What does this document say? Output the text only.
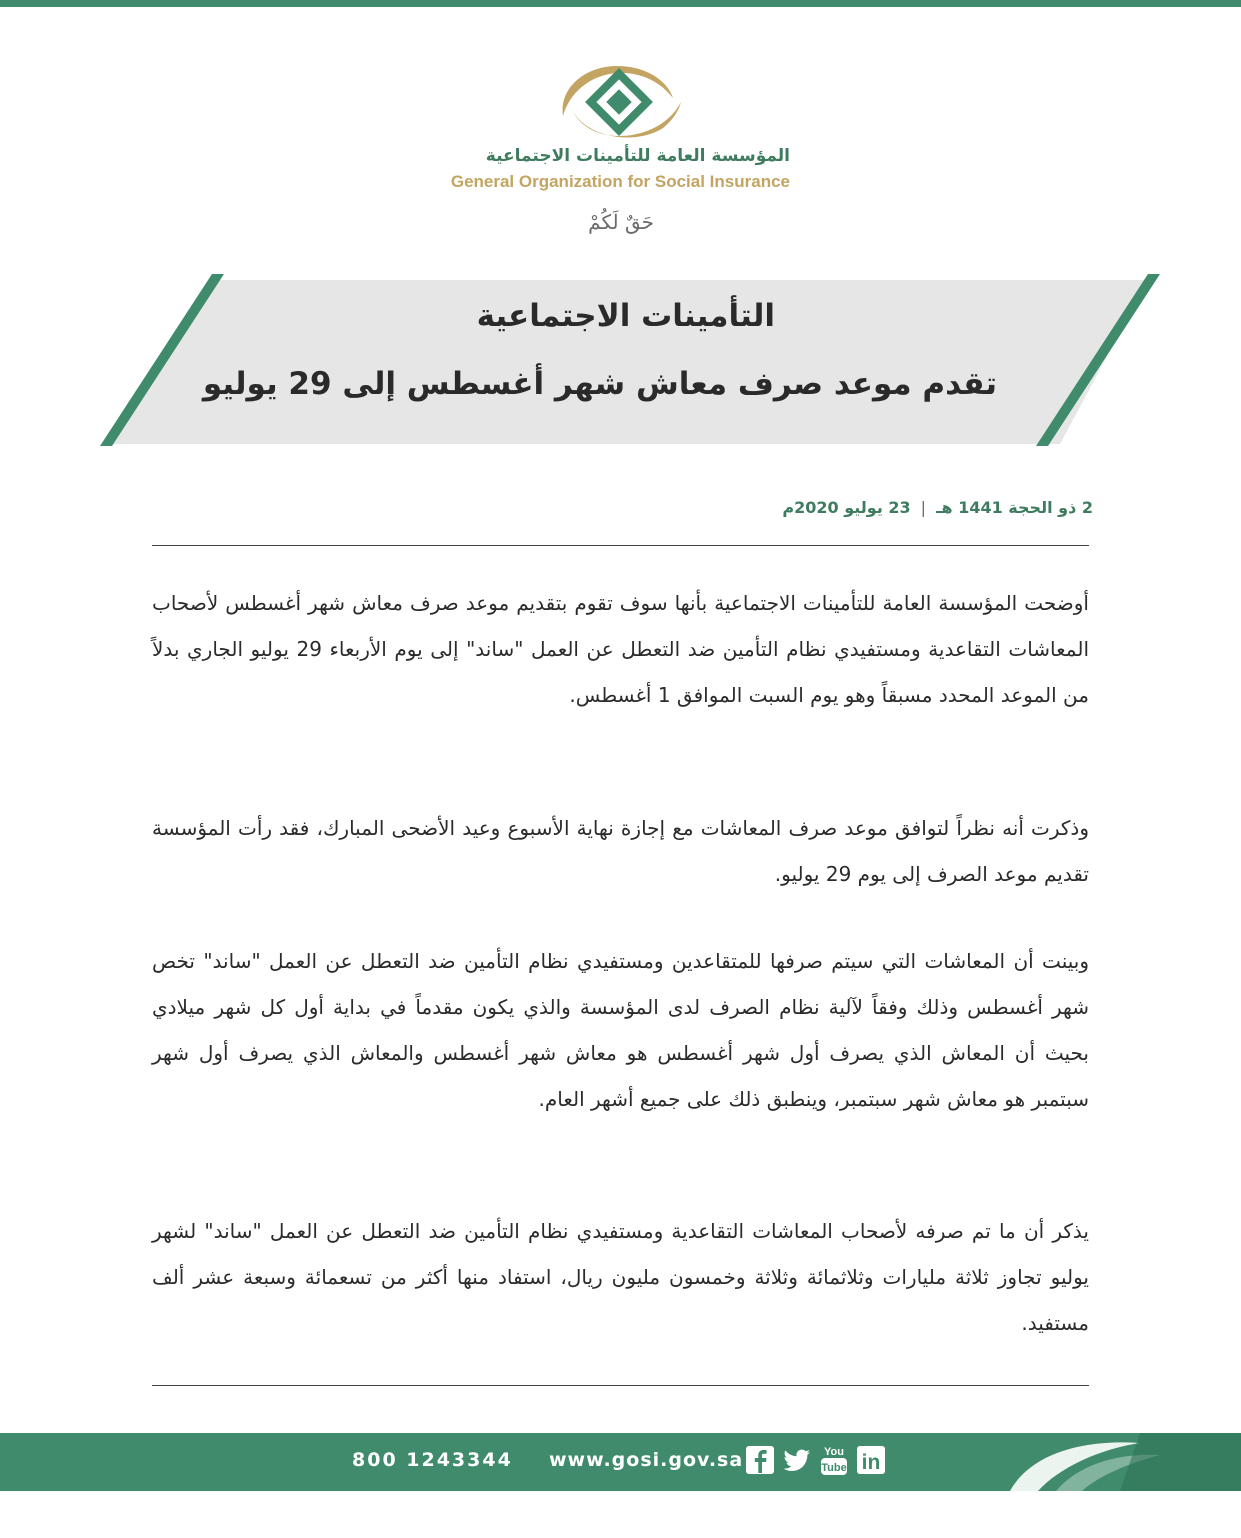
المؤسسة العامة للتأمينات الاجتماعية
General Organization for Social Insurance
حَقٌ لَكُمْ
التأمينات الاجتماعية
تقدم موعد صرف معاش شهر أغسطس إلى 29 يوليو
2 ذو الحجة 1441 هـ|23 يوليو 2020م

أوضحت المؤسسة العامة للتأمينات الاجتماعية بأنها سوف تقوم بتقديم موعد صرف معاش شهر أغسطس لأصحاب المعاشات التقاعدية ومستفيدي نظام التأمين ضد التعطل عن العمل "ساند" إلى يوم الأربعاء 29 يوليو الجاري بدلاً من الموعد المحدد مسبقاً وهو يوم السبت الموافق 1 أغسطس.

وذكرت أنه نظراً لتوافق موعد صرف المعاشات مع إجازة نهاية الأسبوع وعيد الأضحى المبارك، فقد رأت المؤسسة تقديم موعد الصرف إلى يوم 29 يوليو.

وبينت أن المعاشات التي سيتم صرفها للمتقاعدين ومستفيدي نظام التأمين ضد التعطل عن العمل "ساند" تخص شهر أغسطس وذلك وفقاً لآلية نظام الصرف لدى المؤسسة والذي يكون مقدماً في بداية أول كل شهر ميلادي بحيث أن المعاش الذي يصرف أول شهر أغسطس هو معاش شهر أغسطس والمعاش الذي يصرف أول شهر سبتمبر هو معاش شهر سبتمبر، وينطبق ذلك على جميع أشهر العام.

يذكر أن ما تم صرفه لأصحاب المعاشات التقاعدية ومستفيدي نظام التأمين ضد التعطل عن العمل "ساند" لشهر يوليو تجاوز ثلاثة مليارات وثلاثمائة وثلاثة وخمسون مليون ريال، استفاد منها أكثر من تسعمائة وسبعة عشر ألف مستفيد.

800 1243344 www.gosi.gov.sa	You
Tube in
